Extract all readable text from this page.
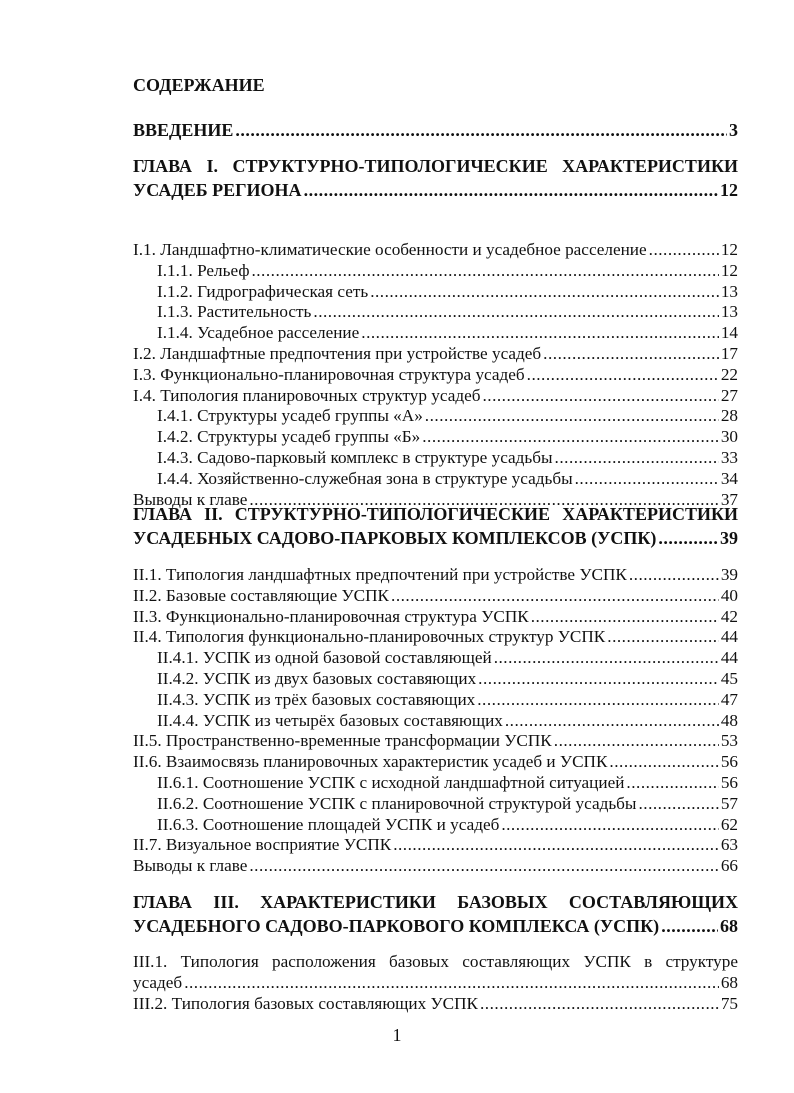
СОДЕРЖАНИЕ
ВВЕДЕНИЕ .....	3
ГЛАВА I. СТРУКТУРНО-ТИПОЛОГИЧЕСКИЕ ХАРАКТЕРИСТИКИ
УСАДЕБ РЕГИОНА .....	12
I.1. Ландшафтно-климатические особенности и усадебное расселение .....	12
I.1.1. Рельеф .....	12
I.1.2. Гидрографическая сеть .....	13
I.1.3. Растительность .....	13
I.1.4. Усадебное расселение .....	14
I.2. Ландшафтные предпочтения при устройстве усадеб .....	17
I.3. Функционально-планировочная структура усадеб .....	22
I.4. Типология планировочных структур усадеб .....	27
I.4.1. Структуры усадеб группы «А» .....	28
I.4.2. Структуры усадеб группы «Б» .....	30
I.4.3. Садово-парковый комплекс в структуре усадьбы .....	33
I.4.4. Хозяйственно-служебная зона в структуре усадьбы .....	34
Выводы к главе .....	37
ГЛАВА II. СТРУКТУРНО-ТИПОЛОГИЧЕСКИЕ ХАРАКТЕРИСТИКИ
УСАДЕБНЫХ САДОВО-ПАРКОВЫХ КОМПЛЕКСОВ (УСПК) .....	39
II.1. Типология ландшафтных предпочтений при устройстве УСПК .....	39
II.2. Базовые составляющие УСПК .....	40
II.3. Функционально-планировочная структура УСПК .....	42
II.4. Типология функционально-планировочных структур УСПК .....	44
II.4.1. УСПК из одной базовой составляющей .....	44
II.4.2. УСПК из двух базовых составяющих .....	45
II.4.3. УСПК из трёх базовых составяющих .....	47
II.4.4. УСПК из четырёх базовых составяющих .....	48
II.5. Пространственно-временные трансформации УСПК .....	53
II.6. Взаимосвязь планировочных характеристик усадеб и УСПК .....	56
II.6.1. Соотношение УСПК с исходной ландшафтной ситуацией .....	56
II.6.2. Соотношение УСПК с планировочной структурой усадьбы .....	57
II.6.3. Соотношение площадей УСПК и усадеб .....	62
II.7. Визуальное восприятие УСПК .....	63
Выводы к главе .....	66
ГЛАВА III. ХАРАКТЕРИСТИКИ БАЗОВЫХ СОСТАВЛЯЮЩИХ
УСАДЕБНОГО САДОВО-ПАРКОВОГО КОМПЛЕКСА (УСПК) .....	68
III.1. Типология расположения базовых составляющих УСПК в структуре
усадеб .....	68
III.2. Типология базовых составляющих УСПК .....	75
1
